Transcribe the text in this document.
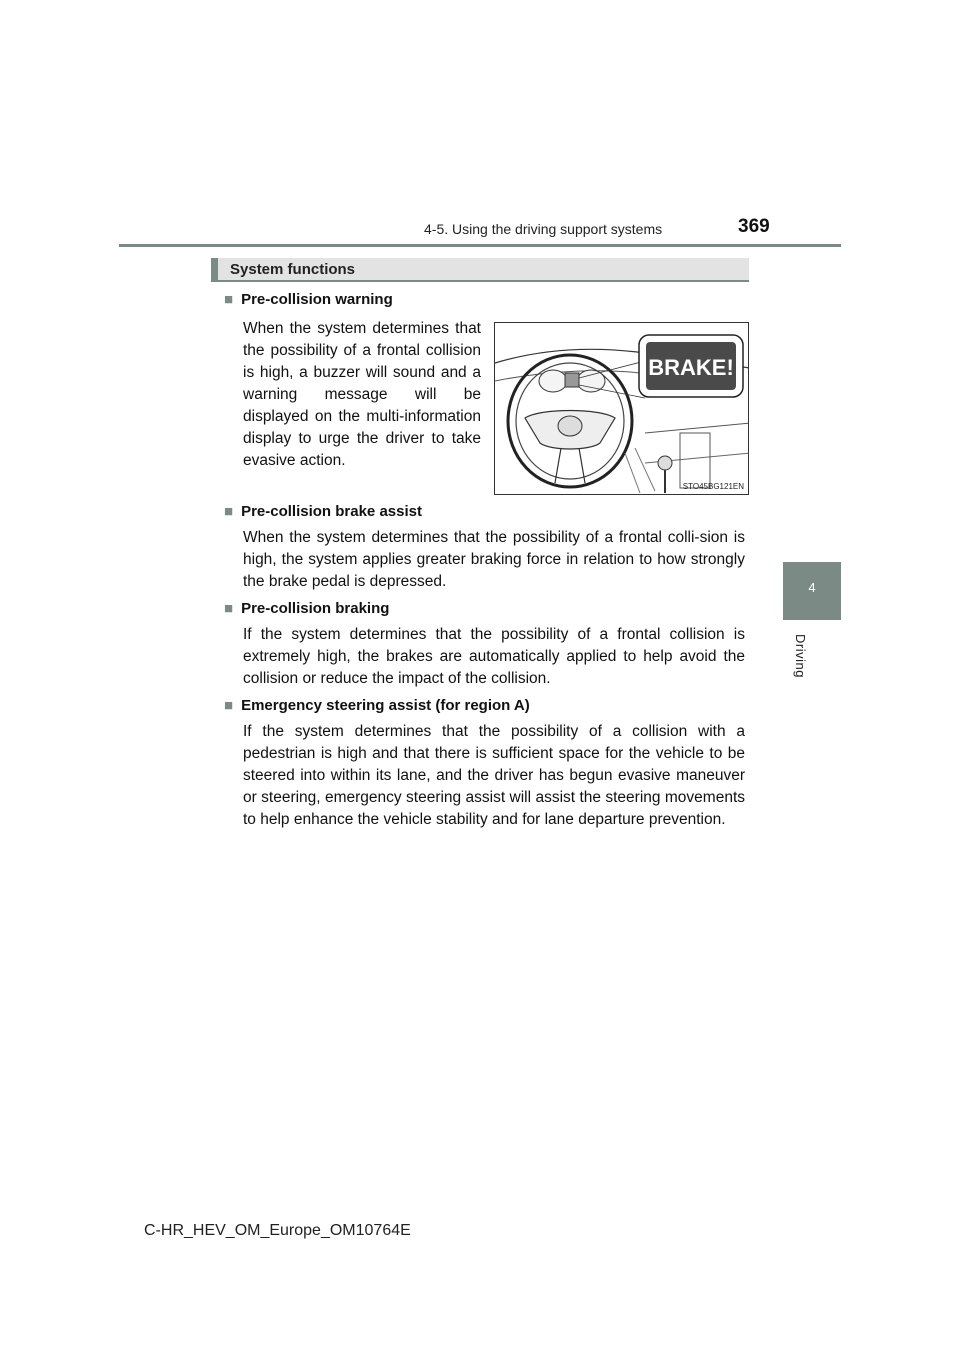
4-5. Using the driving support systems	369
4
Driving
System functions
■ Pre-collision warning
When the system determines that the possibility of a frontal collision is high, a buzzer will sound and a warning message will be displayed on the multi-information display to urge the driver to take evasive action.
BRAKE!
STO45BG121EN
■ Pre-collision brake assist
When the system determines that the possibility of a frontal colli-sion is high, the system applies greater braking force in relation to how strongly the brake pedal is depressed.
■ Pre-collision braking
If the system determines that the possibility of a frontal collision is extremely high, the brakes are automatically applied to help avoid the collision or reduce the impact of the collision.
■ Emergency steering assist (for region A)
If the system determines that the possibility of a collision with a pedestrian is high and that there is sufficient space for the vehicle to be steered into within its lane, and the driver has begun evasive maneuver or steering, emergency steering assist will assist the steering movements to help enhance the vehicle stability and for lane departure prevention.
C-HR_HEV_OM_Europe_OM10764E
